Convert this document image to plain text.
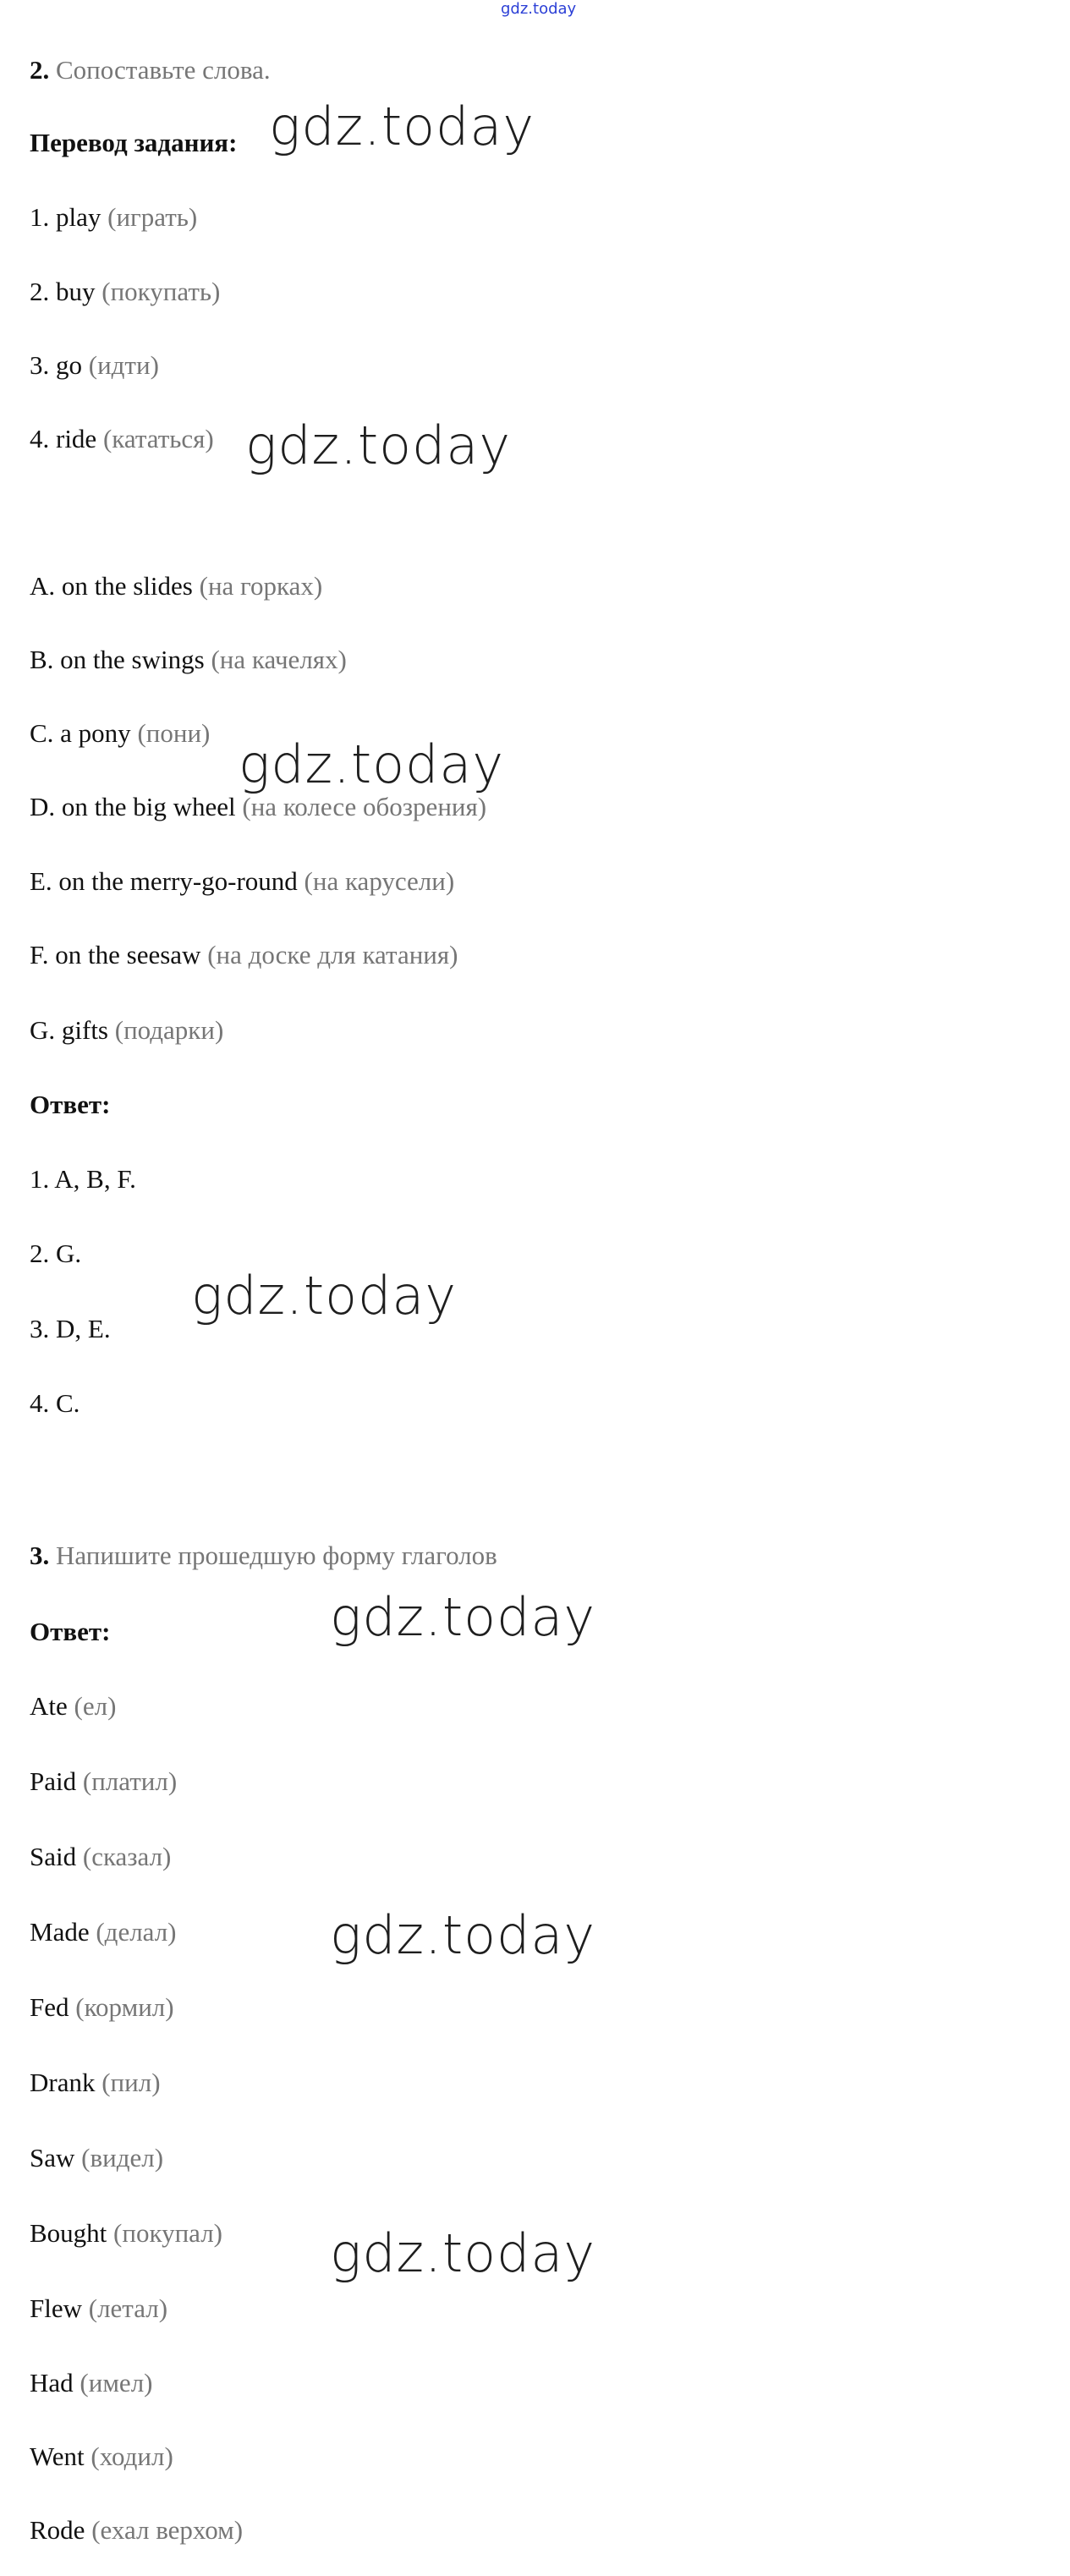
gdz.today
2. Сопоставьте слова.
Перевод задания:
1. play (играть)
2. buy (покупать)
3. go (идти)
4. ride (кататься)
A. on the slides (на горках)
B. on the swings (на качелях)
C. a pony (пони)
D. on the big wheel (на колесе обозрения)
E. on the merry-go-round (на карусели)
F. on the seesaw (на доске для катания)
G. gifts (подарки)
Ответ:
1. A, B, F.
2. G.
3. D, E.
4. C.
3. Напишите прошедшую форму глаголов
Ответ:
Ate (ел)
Paid (платил)
Said (сказал)
Made (делал)
Fed (кормил)
Drank (пил)
Saw (видел)
Bought (покупал)
Flew (летал)
Had (имел)
Went (ходил)
Rode (ехал верхом)
gdz.today
gdz.today
gdz.today
gdz.today
gdz.today
gdz.today
gdz.today
